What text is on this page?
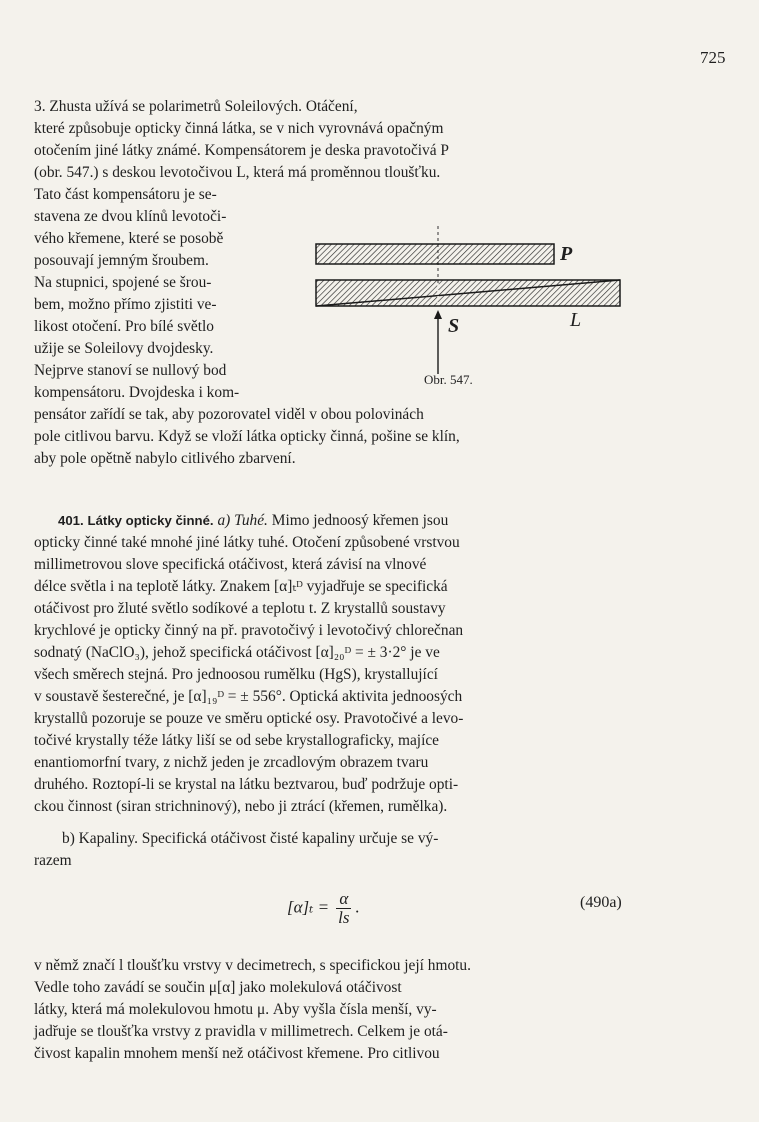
725
3. Zhusta užívá se polarimetrů Soleilových. Otáčení,
které způsobuje opticky činná látka, se v nich vyrovnává opačným
otočením jiné látky známé. Kompensátorem je deska pravotočivá P
(obr. 547.) s deskou levotočivou L, která má proměnnou tloušťku.
Tato část kompensátoru je se-
stavena ze dvou klínů levotoči-
vého křemene, které se posobě
posouvají jemným šroubem.
Na stupnici, spojené se šrou-
bem, možno přímo zjistiti ve-
likost otočení. Pro bílé světlo
užije se Soleilovy dvojdesky.
Nejprve stanoví se nullový bod
kompensátoru. Dvojdeska i kom-
pensátor zařídí se tak, aby pozorovatel viděl v obou polovinách
pole citlivou barvu. Když se vloží látka opticky činná, pošine se klín,
aby pole opětně nabylo citlivého zbarvení.
P
S	L
Obr. 547.
401. Látky opticky činné. a) Tuhé. Mimo jednoosý křemen jsou
opticky činné také mnohé jiné látky tuhé. Otočení způsobené vrstvou
millimetrovou slove specifická otáčivost, která závisí na vlnové
délce světla i na teplotě látky. Znakem [α]ₜᴰ vyjadřuje se specifická
otáčivost pro žluté světlo sodíkové a teplotu t. Z krystallů soustavy
krychlové je opticky činný na př. pravotočivý i levotočivý chlorečnan
sodnatý (NaClO₃), jehož specifická otáčivost [α]₂₀ᴰ = ± 3·2° je ve
všech směrech stejná. Pro jednoosou rumělku (HgS), krystallující
v soustavě šesterečné, je [α]₁₉ᴰ = ± 556°. Optická aktivita jednoosých
krystallů pozoruje se pouze ve směru optické osy. Pravotočivé a levo-
točivé krystally téže látky liší se od sebe krystallograficky, majíce
enantiomorfní tvary, z nichž jeden je zrcadlovým obrazem tvaru
druhého. Roztopí-li se krystal na látku beztvarou, buď podržuje opti-
ckou činnost (siran strichninový), nebo ji ztrácí (křemen, rumělka).
b) Kapaliny. Specifická otáčivost čisté kapaliny určuje se vý-
razem
$[\alpha]_t = \frac{\alpha}{ls}$ .	(490a)
v němž značí l tloušťku vrstvy v decimetrech, s specifickou její hmotu.
Vedle toho zavádí se součin μ[α] jako molekulová otáčivost
látky, která má molekulovou hmotu μ. Aby vyšla čísla menší, vy-
jadřuje se tloušťka vrstvy z pravidla v millimetrech. Celkem je otá-
čivost kapalin mnohem menší než otáčivost křemene. Pro citlivou
